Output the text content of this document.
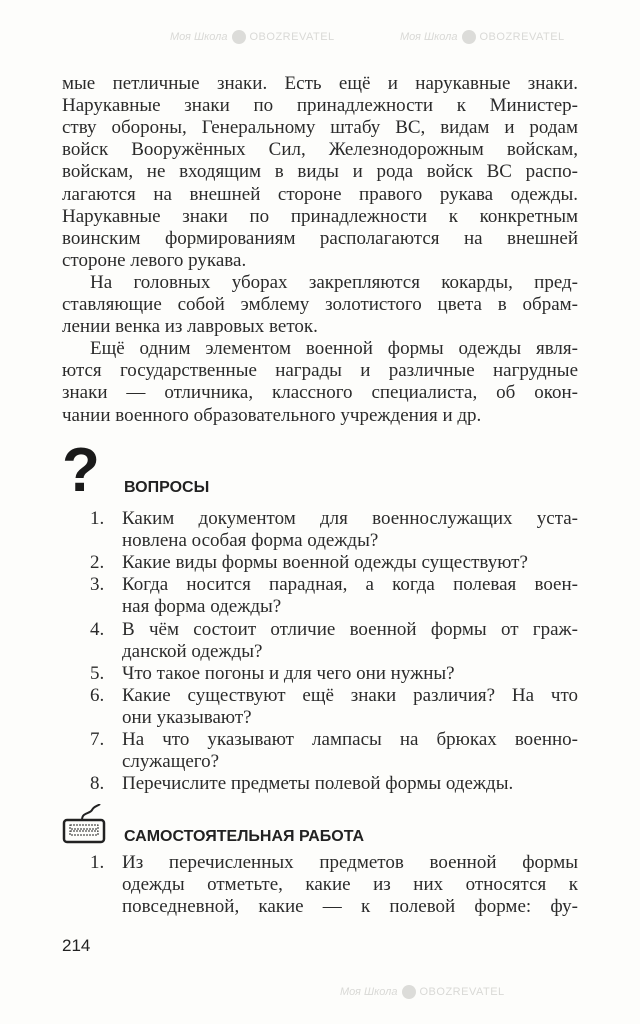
Моя Школа OBOZREVATEL	Моя Школа OBOZREVATEL
Моя Школа OBOZREVATEL
мые петличные знаки. Есть ещё и нарукавные знаки.
Нарукавные знаки по принадлежности к Министер-
ству обороны, Генеральному штабу ВС, видам и родам
войск Вооружённых Сил, Железнодорожным войскам,
войскам, не входящим в виды и рода войск ВС распо-
лагаются на внешней стороне правого рукава одежды.
Нарукавные знаки по принадлежности к конкретным
воинским формированиям располагаются на внешней
стороне левого рукава.
На головных уборах закрепляются кокарды, пред-
ставляющие собой эмблему золотистого цвета в обрам-
лении венка из лавровых веток.
Ещё одним элементом военной формы одежды явля-
ются государственные награды и различные нагрудные
знаки — отличника, классного специалиста, об окон-
чании военного образовательного учреждения и др.
1. Каким документом для военнослужащих уста-
новлена особая форма одежды?
2. Какие виды формы военной одежды существуют?
3. Когда носится парадная, а когда полевая воен-
ная форма одежды?
4. В чём состоит отличие военной формы от граж-
данской одежды?
5. Что такое погоны и для чего они нужны?
6. Какие существуют ещё знаки различия? На что
они указывают?
7. На что указывают лампасы на брюках военно-
служащего?
8. Перечислите предметы полевой формы одежды.
1. Из перечисленных предметов военной формы
одежды отметьте, какие из них относятся к
повседневной, какие — к полевой форме: фу-
? ВОПРОСЫ
САМОСТОЯТЕЛЬНАЯ РАБОТА
214
